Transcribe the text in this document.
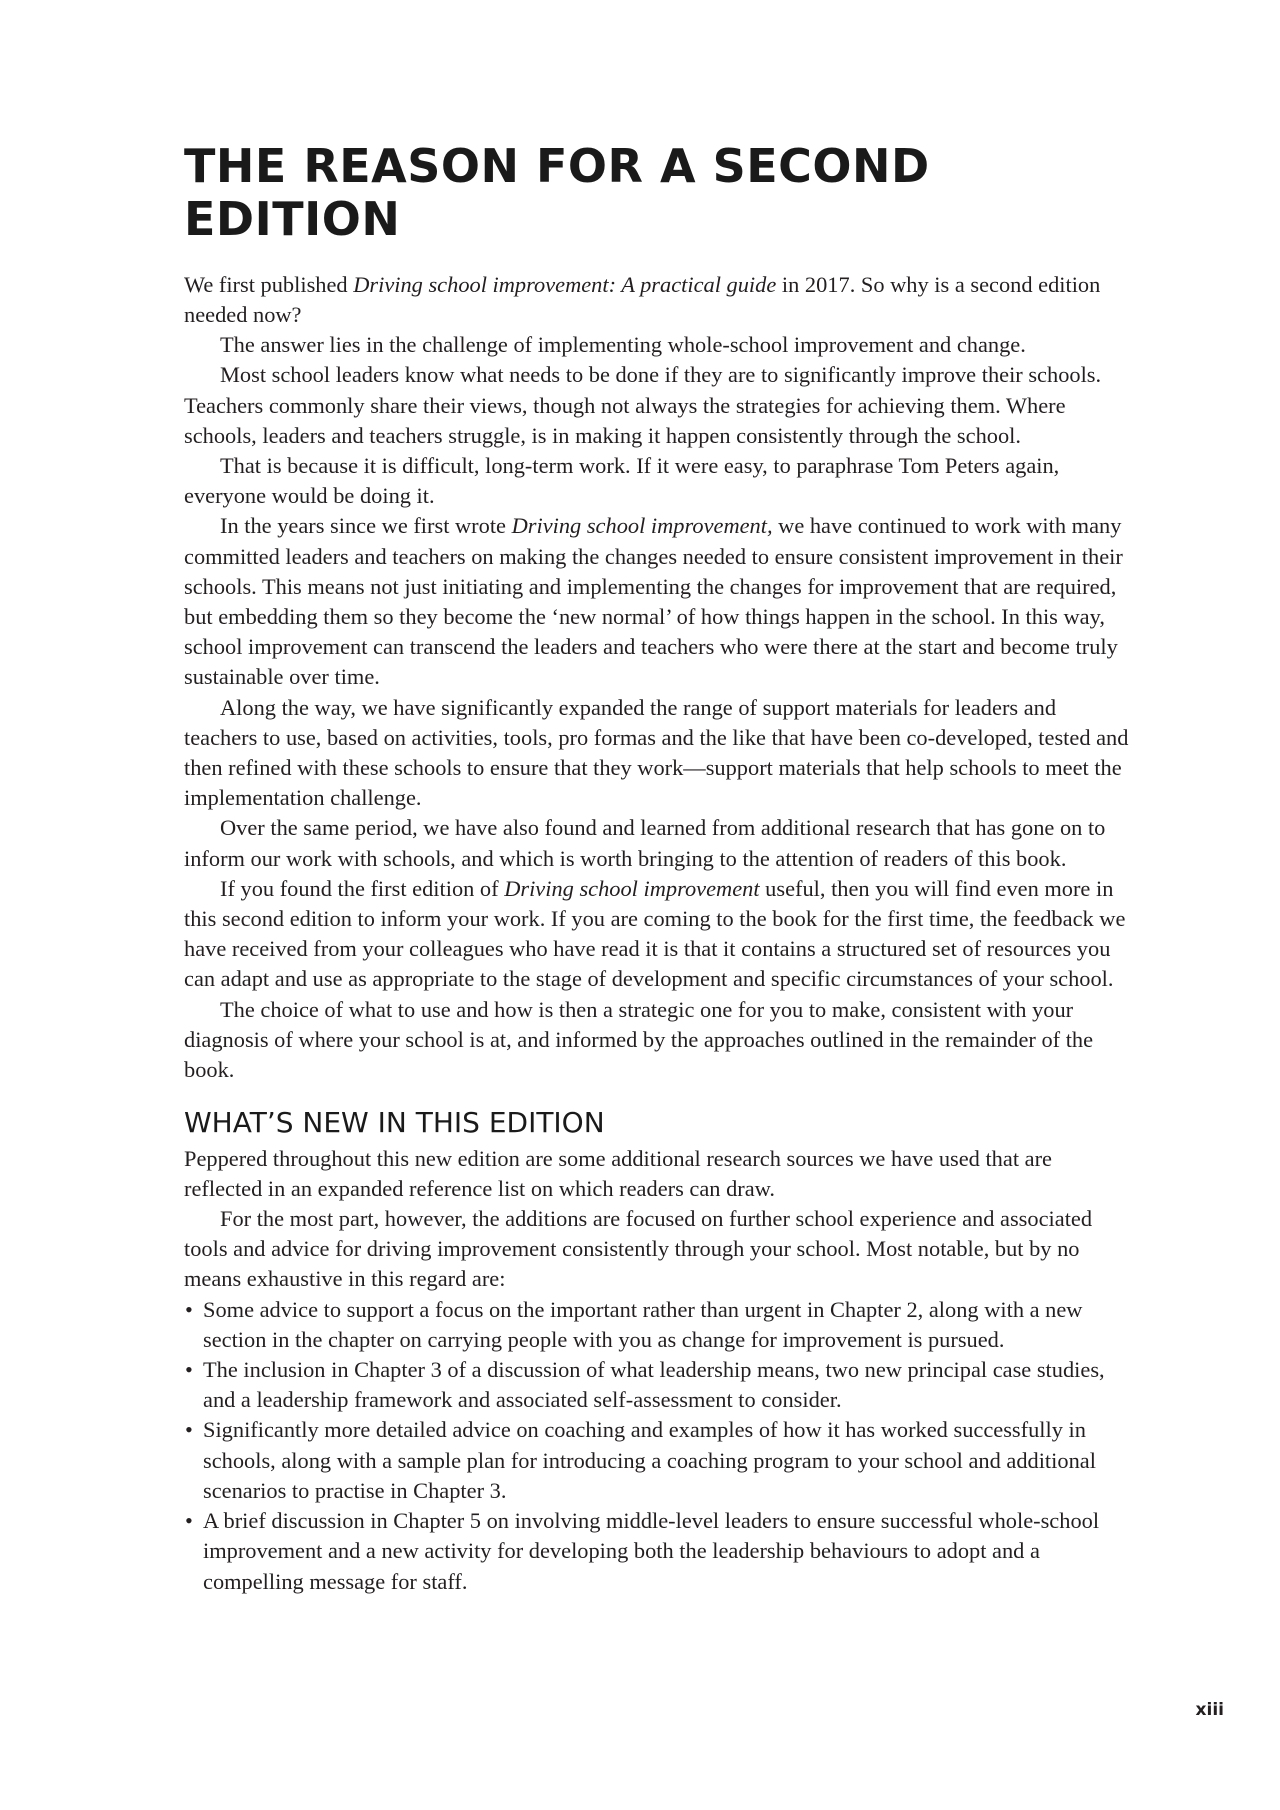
THE REASON FOR A SECOND EDITION

We first published Driving school improvement: A practical guide in 2017. So why is a second edition needed now?

The answer lies in the challenge of implementing whole-school improvement and change.

Most school leaders know what needs to be done if they are to significantly improve their schools. Teachers commonly share their views, though not always the strategies for achieving them. Where schools, leaders and teachers struggle, is in making it happen consistently through the school.

That is because it is difficult, long-term work. If it were easy, to paraphrase Tom Peters again, everyone would be doing it.

In the years since we first wrote Driving school improvement, we have continued to work with many committed leaders and teachers on making the changes needed to ensure consistent improvement in their schools. This means not just initiating and implementing the changes for improvement that are required, but embedding them so they become the ‘new normal’ of how things happen in the school. In this way, school improvement can transcend the leaders and teachers who were there at the start and become truly sustainable over time.

Along the way, we have significantly expanded the range of support materials for leaders and teachers to use, based on activities, tools, pro formas and the like that have been co-developed, tested and then refined with these schools to ensure that they work—support materials that help schools to meet the implementation challenge.

Over the same period, we have also found and learned from additional research that has gone on to inform our work with schools, and which is worth bringing to the attention of readers of this book.

If you found the first edition of Driving school improvement useful, then you will find even more in this second edition to inform your work. If you are coming to the book for the first time, the feedback we have received from your colleagues who have read it is that it contains a structured set of resources you can adapt and use as appropriate to the stage of development and specific circumstances of your school.

The choice of what to use and how is then a strategic one for you to make, consistent with your diagnosis of where your school is at, and informed by the approaches outlined in the remainder of the book.

WHAT’S NEW IN THIS EDITION

Peppered throughout this new edition are some additional research sources we have used that are reflected in an expanded reference list on which readers can draw.

For the most part, however, the additions are focused on further school experience and associated tools and advice for driving improvement consistently through your school. Most notable, but by no means exhaustive in this regard are:

• Some advice to support a focus on the important rather than urgent in Chapter 2, along with a new section in the chapter on carrying people with you as change for improvement is pursued.
• The inclusion in Chapter 3 of a discussion of what leadership means, two new principal case studies, and a leadership framework and associated self-assessment to consider.
• Significantly more detailed advice on coaching and examples of how it has worked successfully in schools, along with a sample plan for introducing a coaching program to your school and additional scenarios to practise in Chapter 3.
• A brief discussion in Chapter 5 on involving middle-level leaders to ensure successful whole-school improvement and a new activity for developing both the leadership behaviours to adopt and a compelling message for staff.
xiii
